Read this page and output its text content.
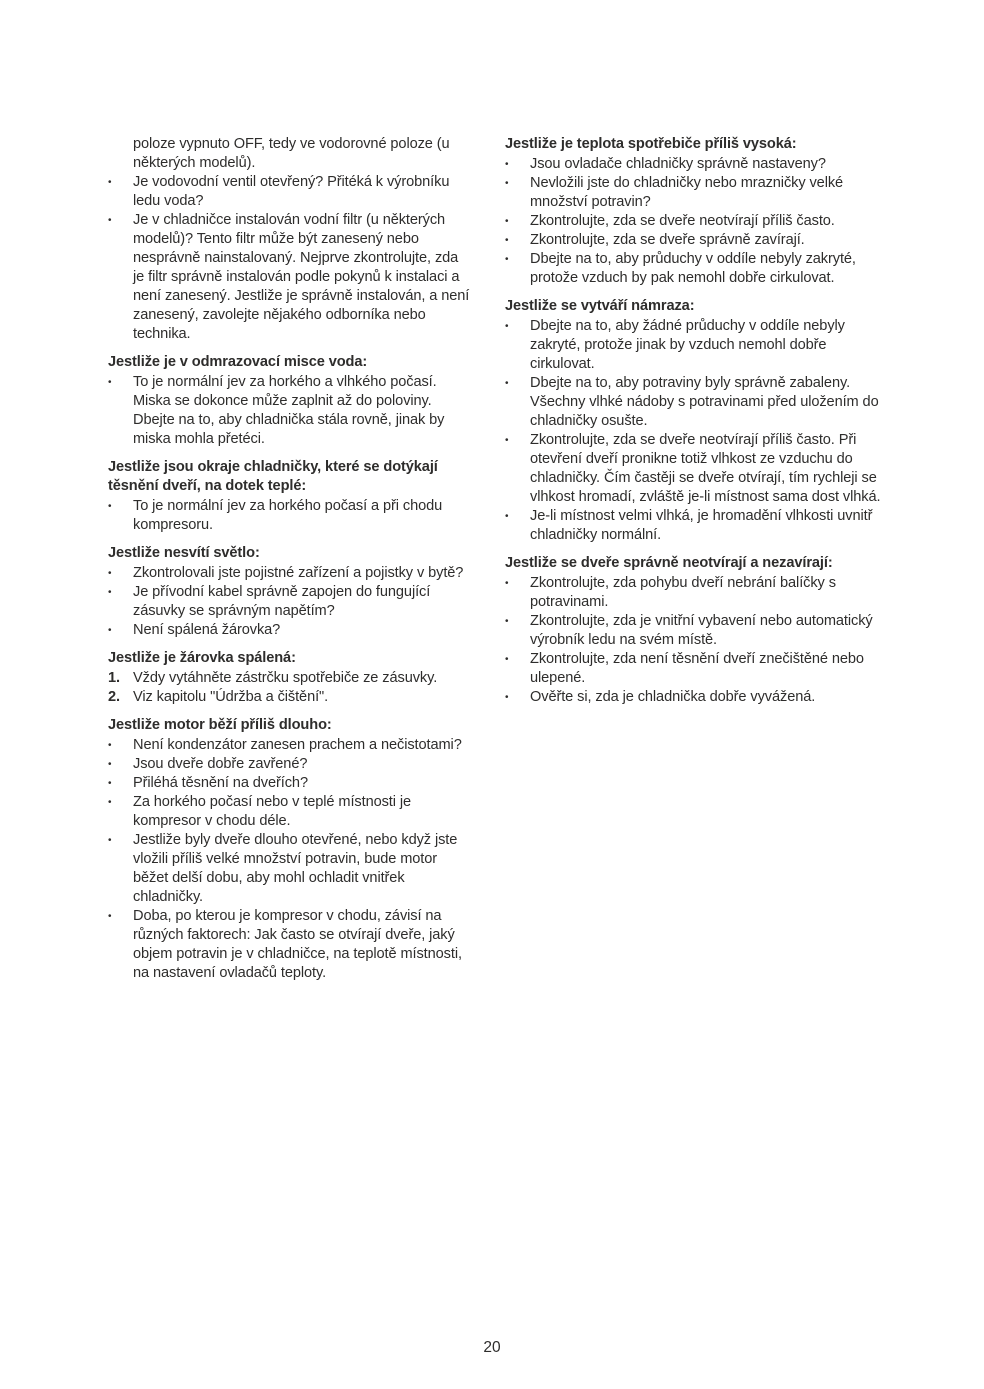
poloze vypnuto OFF, tedy ve vodorovné poloze (u některých modelů).
•	Je vodovodní ventil otevřený? Přitéká k výrobníku ledu voda?
•	Je v chladničce instalován vodní filtr (u některých modelů)? Tento filtr může být zanesený nebo nesprávně nainstalovaný. Nejprve zkontrolujte, zda je filtr správně instalován podle pokynů k instalaci a není zanesený. Jestliže je správně instalován, a není zanesený, zavolejte nějakého odborníka nebo technika.
Jestliže je v odmrazovací misce voda:
•	To je normální jev za horkého a vlhkého počasí. Miska se dokonce může zaplnit až do poloviny. Dbejte na to, aby chladnička stála rovně, jinak by miska mohla přetéci.
Jestliže jsou okraje chladničky, které se dotýkají těsnění dveří, na dotek teplé:
•	To je normální jev za horkého počasí a při chodu kompresoru.
Jestliže nesvítí světlo:
•	Zkontrolovali jste pojistné zařízení a pojistky v bytě?
•	Je přívodní kabel správně zapojen do fungující zásuvky se správným napětím?
•	Není spálená žárovka?
Jestliže je žárovka spálená:
1. Vždy vytáhněte zástrčku spotřebiče ze zásuvky.
2. Viz kapitolu "Údržba a čištění".
Jestliže motor běží příliš dlouho:
•	Není kondenzátor zanesen prachem a nečistotami?
•	Jsou dveře dobře zavřené?
•	Přiléhá těsnění na dveřích?
•	Za horkého počasí nebo v teplé místnosti je kompresor v chodu déle.
•	Jestliže byly dveře dlouho otevřené, nebo když jste vložili příliš velké množství potravin, bude motor běžet delší dobu, aby mohl ochladit vnitřek chladničky.
•	Doba, po kterou je kompresor v chodu, závisí na různých faktorech: Jak často se otvírají dveře, jaký objem potravin je v chladničce, na teplotě místnosti, na nastavení ovladačů teploty.
Jestliže je teplota spotřebiče příliš vysoká:
•	Jsou ovladače chladničky správně nastaveny?
•	Nevložili jste do chladničky nebo mrazničky velké množství potravin?
•	Zkontrolujte, zda se dveře neotvírají příliš často.
•	Zkontrolujte, zda se dveře správně zavírají.
•	Dbejte na to, aby průduchy v oddíle nebyly zakryté, protože vzduch by pak nemohl dobře cirkulovat.
Jestliže se vytváří námraza:
•	Dbejte na to, aby žádné průduchy v oddíle nebyly zakryté, protože jinak by vzduch nemohl dobře cirkulovat.
•	Dbejte na to, aby potraviny byly správně zabaleny. Všechny vlhké nádoby s potravinami před uložením do chladničky osušte.
•	Zkontrolujte, zda se dveře neotvírají příliš často. Při otevření dveří pronikne totiž vlhkost ze vzduchu do chladničky. Čím častěji se dveře otvírají, tím rychleji se vlhkost hromadí, zvláště je-li místnost sama dost vlhká.
•	Je-li místnost velmi vlhká, je hromadění vlhkosti uvnitř chladničky normální.
Jestliže se dveře správně neotvírají a nezavírají:
•	Zkontrolujte, zda pohybu dveří nebrání balíčky s potravinami.
•	Zkontrolujte, zda je vnitřní vybavení nebo automatický výrobník ledu na svém místě.
•	Zkontrolujte, zda není těsnění dveří znečištěné nebo ulepené.
•	Ověřte si, zda je chladnička dobře vyvážená.
20
